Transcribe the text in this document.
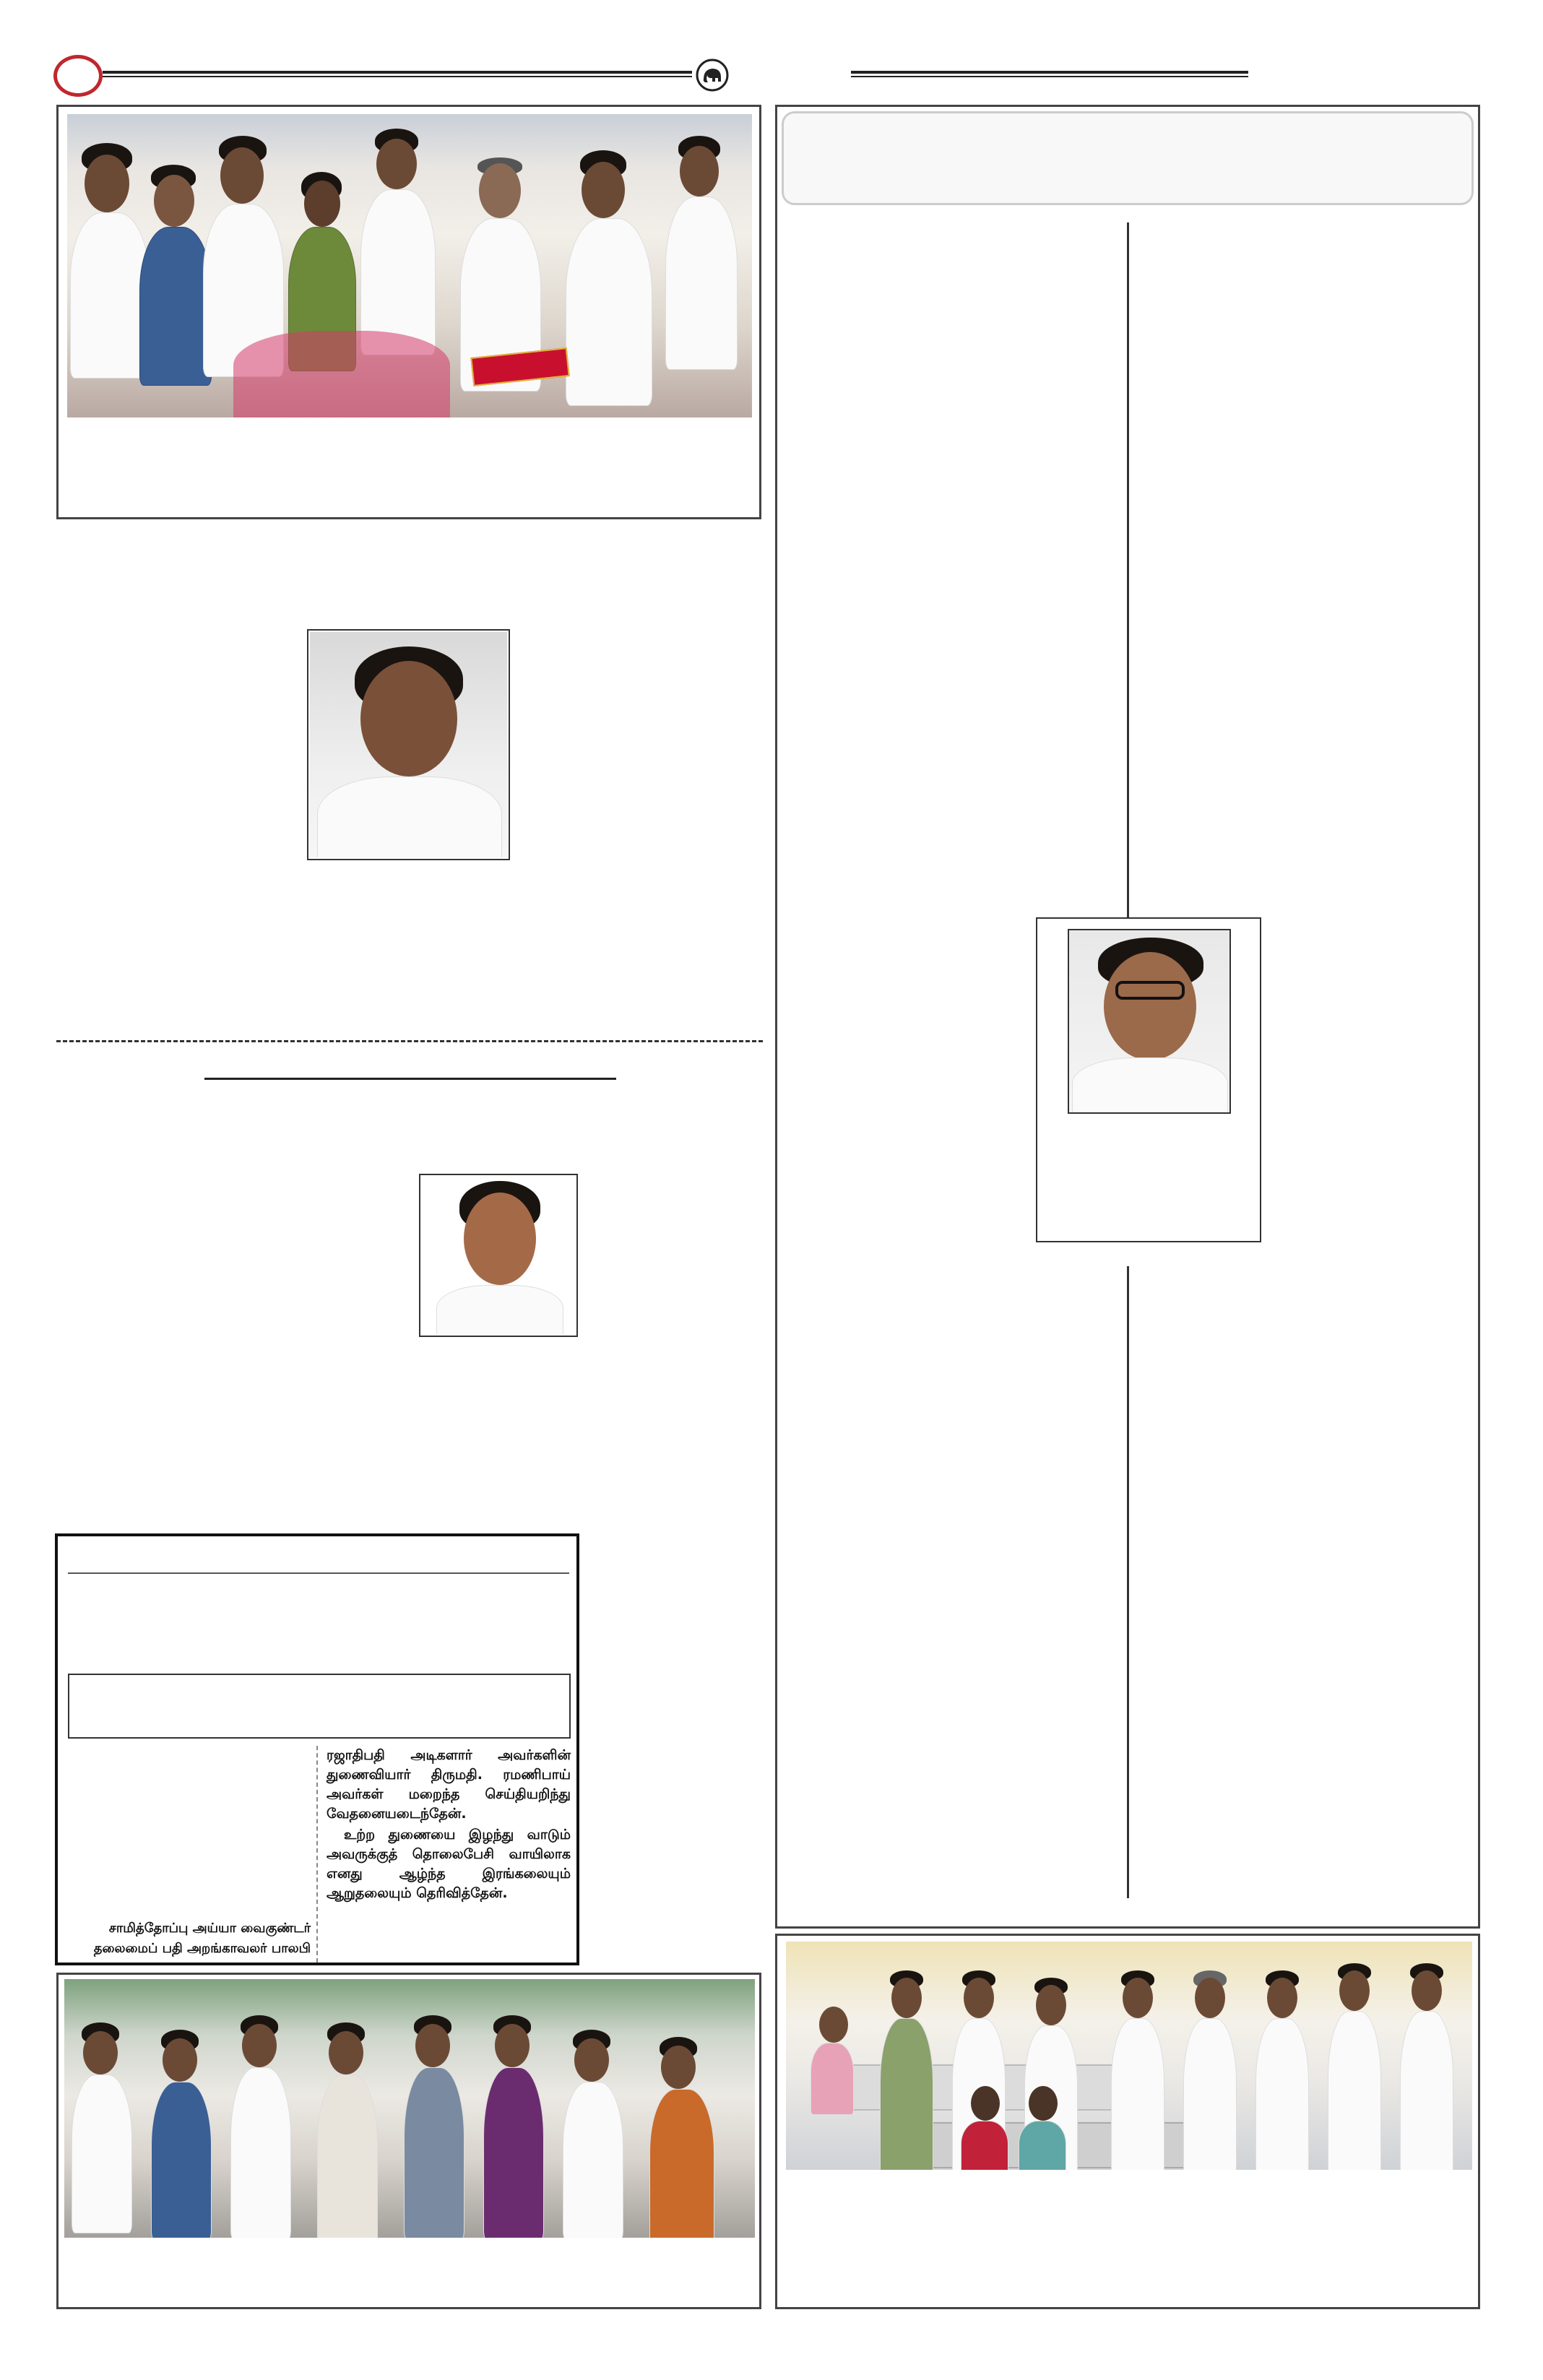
ரஜாதிபதி அடிகளார் அவர்களின் துணைவியார் திருமதி. ரமணிபாய் அவர்கள் மறைந்த செய்தியறிந்து வேதனையடைந்தேன்.
உற்ற துணையை இழந்து வாடும் அவருக்குத் தொலைபேசி வாயிலாக எனது ஆழ்ந்த இரங்கலையும் ஆறுதலையும் தெரிவித்தேன்.
சாமித்தோப்பு அய்யா வைகுண்டர்
தலைமைப் பதி அறங்காவலர் பாலபி
